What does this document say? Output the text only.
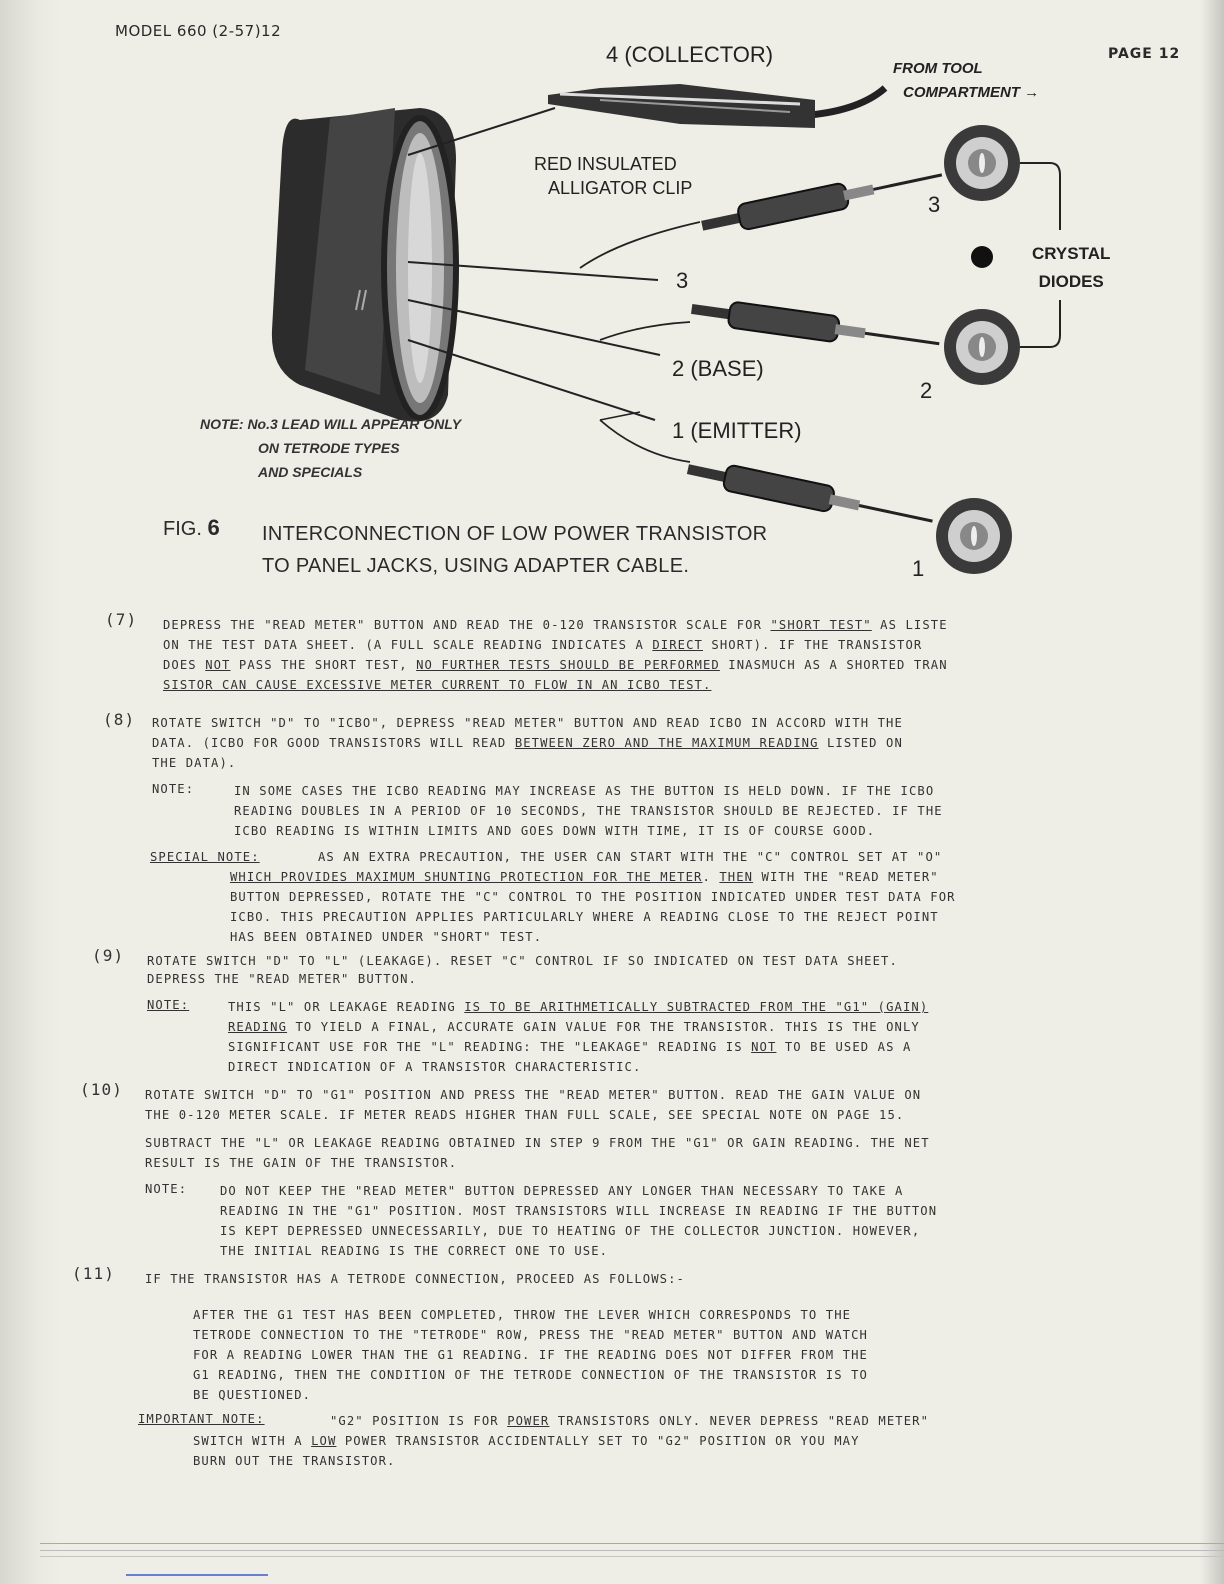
MODEL 660 (2-57)12
PAGE 12
4 (COLLECTOR)
FROM TOOL
COMPARTMENT →
RED INSULATED
ALLIGATOR CLIP
3
2 (BASE)
1 (EMITTER)
3
2
1
CRYSTAL
DIODES
NOTE: No.3 LEAD WILL APPEAR ONLY
ON TETRODE TYPES
AND SPECIALS
FIG. 6 INTERCONNECTION OF LOW POWER TRANSISTOR
TO PANEL JACKS, USING ADAPTER CABLE.
(7) DEPRESS THE "READ METER" BUTTON AND READ THE 0-120 TRANSISTOR SCALE FOR "SHORT TEST" AS LISTE
ON THE TEST DATA SHEET. (A FULL SCALE READING INDICATES A DIRECT SHORT). IF THE TRANSISTOR
DOES NOT PASS THE SHORT TEST, NO FURTHER TESTS SHOULD BE PERFORMED INASMUCH AS A SHORTED TRAN
SISTOR CAN CAUSE EXCESSIVE METER CURRENT TO FLOW IN AN ICBO TEST.
(8) ROTATE SWITCH "D" TO "ICBO", DEPRESS "READ METER" BUTTON AND READ ICBO IN ACCORD WITH THE
DATA. (ICBO FOR GOOD TRANSISTORS WILL READ BETWEEN ZERO AND THE MAXIMUM READING LISTED ON
THE DATA).
NOTE:	IN SOME CASES THE ICBO READING MAY INCREASE AS THE BUTTON IS HELD DOWN. IF THE ICBO
READING DOUBLES IN A PERIOD OF 10 SECONDS, THE TRANSISTOR SHOULD BE REJECTED. IF THE
ICBO READING IS WITHIN LIMITS AND GOES DOWN WITH TIME, IT IS OF COURSE GOOD.
SPECIAL NOTE:	AS AN EXTRA PRECAUTION, THE USER CAN START WITH THE "C" CONTROL SET AT "O"
WHICH PROVIDES MAXIMUM SHUNTING PROTECTION FOR THE METER. THEN WITH THE "READ METER"
BUTTON DEPRESSED, ROTATE THE "C" CONTROL TO THE POSITION INDICATED UNDER TEST DATA FOR
ICBO. THIS PRECAUTION APPLIES PARTICULARLY WHERE A READING CLOSE TO THE REJECT POINT
HAS BEEN OBTAINED UNDER "SHORT" TEST.
(9) ROTATE SWITCH "D" TO "L" (LEAKAGE). RESET "C" CONTROL IF SO INDICATED ON TEST DATA SHEET.
DEPRESS THE "READ METER" BUTTON.
NOTE:	THIS "L" OR LEAKAGE READING IS TO BE ARITHMETICALLY SUBTRACTED FROM THE "G1" (GAIN)
READING TO YIELD A FINAL, ACCURATE GAIN VALUE FOR THE TRANSISTOR. THIS IS THE ONLY
SIGNIFICANT USE FOR THE "L" READING: THE "LEAKAGE" READING IS NOT TO BE USED AS A
DIRECT INDICATION OF A TRANSISTOR CHARACTERISTIC.
(10) ROTATE SWITCH "D" TO "G1" POSITION AND PRESS THE "READ METER" BUTTON. READ THE GAIN VALUE ON
THE 0-120 METER SCALE. IF METER READS HIGHER THAN FULL SCALE, SEE SPECIAL NOTE ON PAGE 15.
SUBTRACT THE "L" OR LEAKAGE READING OBTAINED IN STEP 9 FROM THE "G1" OR GAIN READING. THE NET
RESULT IS THE GAIN OF THE TRANSISTOR.
NOTE:	DO NOT KEEP THE "READ METER" BUTTON DEPRESSED ANY LONGER THAN NECESSARY TO TAKE A
READING IN THE "G1" POSITION. MOST TRANSISTORS WILL INCREASE IN READING IF THE BUTTON
IS KEPT DEPRESSED UNNECESSARILY, DUE TO HEATING OF THE COLLECTOR JUNCTION. HOWEVER,
THE INITIAL READING IS THE CORRECT ONE TO USE.
(11) IF THE TRANSISTOR HAS A TETRODE CONNECTION, PROCEED AS FOLLOWS:-
AFTER THE G1 TEST HAS BEEN COMPLETED, THROW THE LEVER WHICH CORRESPONDS TO THE
TETRODE CONNECTION TO THE "TETRODE" ROW, PRESS THE "READ METER" BUTTON AND WATCH
FOR A READING LOWER THAN THE G1 READING. IF THE READING DOES NOT DIFFER FROM THE
G1 READING, THEN THE CONDITION OF THE TETRODE CONNECTION OF THE TRANSISTOR IS TO
BE QUESTIONED.
IMPORTANT NOTE:	"G2" POSITION IS FOR POWER TRANSISTORS ONLY. NEVER DEPRESS "READ METER"
SWITCH WITH A LOW POWER TRANSISTOR ACCIDENTALLY SET TO "G2" POSITION OR YOU MAY
BURN OUT THE TRANSISTOR.
